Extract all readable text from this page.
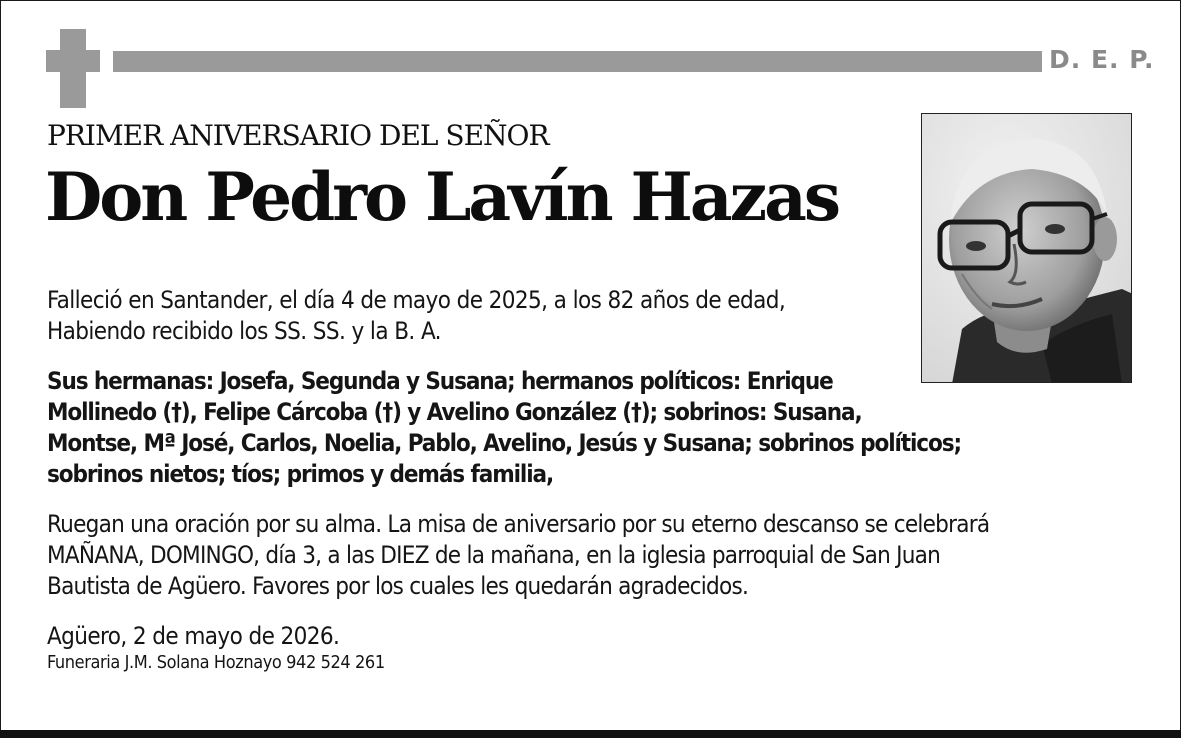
D. E. P.
PRIMER ANIVERSARIO DEL SEÑOR
Don Pedro Lavín Hazas

Falleció en Santander, el día 4 de mayo de 2025, a los 82 años de edad,
Habiendo recibido los SS. SS. y la B. A.

Sus hermanas: Josefa, Segunda y Susana; hermanos políticos: Enrique
Mollinedo (†), Felipe Cárcoba (†) y Avelino González (†); sobrinos: Susana,
Montse, Mª José, Carlos, Noelia, Pablo, Avelino, Jesús y Susana; sobrinos políticos;
sobrinos nietos; tíos; primos y demás familia,

Ruegan una oración por su alma. La misa de aniversario por su eterno descanso se celebrará
MAÑANA, DOMINGO, día 3, a las DIEZ de la mañana, en la iglesia parroquial de San Juan
Bautista de Agüero. Favores por los cuales les quedarán agradecidos.

Agüero, 2 de mayo de 2026.

Funeraria J.M. Solana Hoznayo 942 524 261
